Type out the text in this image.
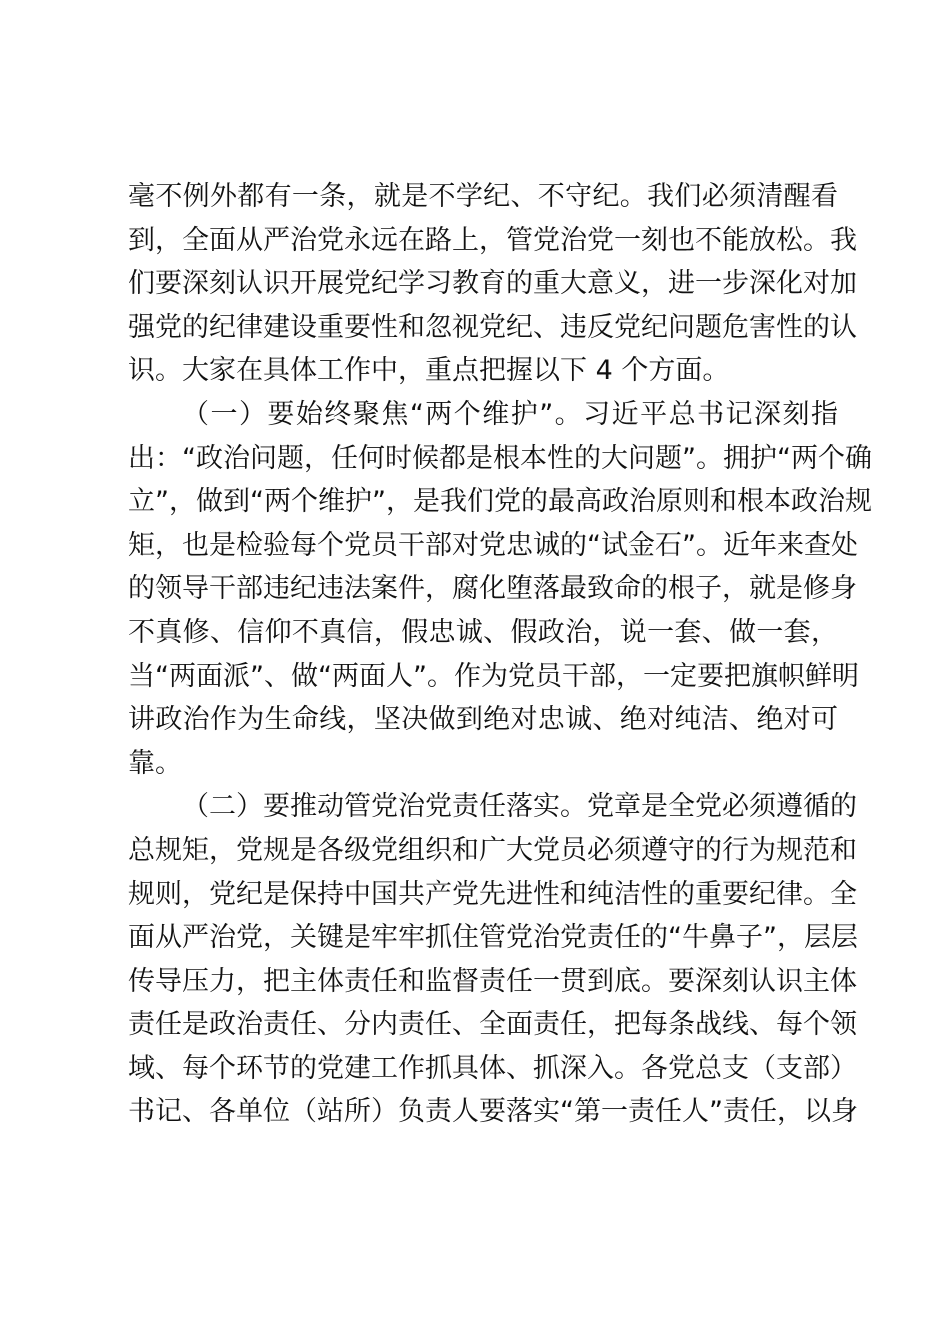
毫不例外都有一条，就是不学纪、不守纪。我们必须清醒看
到，全面从严治党永远在路上，管党治党一刻也不能放松。我
们要深刻认识开展党纪学习教育的重大意义，进一步深化对加
强党的纪律建设重要性和忽视党纪、违反党纪问题危害性的认
识。大家在具体工作中，重点把握以下 4 个方面。
（一）要始终聚焦“两个维护”。习近平总书记深刻指
出：“政治问题，任何时候都是根本性的大问题”。拥护“两个确
立”，做到“两个维护”，是我们党的最高政治原则和根本政治规
矩，也是检验每个党员干部对党忠诚的“试金石”。近年来查处
的领导干部违纪违法案件，腐化堕落最致命的根子，就是修身
不真修、信仰不真信，假忠诚、假政治，说一套、做一套，
当“两面派”、做“两面人”。作为党员干部，一定要把旗帜鲜明
讲政治作为生命线，坚决做到绝对忠诚、绝对纯洁、绝对可
靠。
（二）要推动管党治党责任落实。党章是全党必须遵循的
总规矩，党规是各级党组织和广大党员必须遵守的行为规范和
规则，党纪是保持中国共产党先进性和纯洁性的重要纪律。全
面从严治党，关键是牢牢抓住管党治党责任的“牛鼻子”，层层
传导压力，把主体责任和监督责任一贯到底。要深刻认识主体
责任是政治责任、分内责任、全面责任，把每条战线、每个领
域、每个环节的党建工作抓具体、抓深入。各党总支（支部）
书记、各单位（站所）负责人要落实“第一责任人”责任，以身
